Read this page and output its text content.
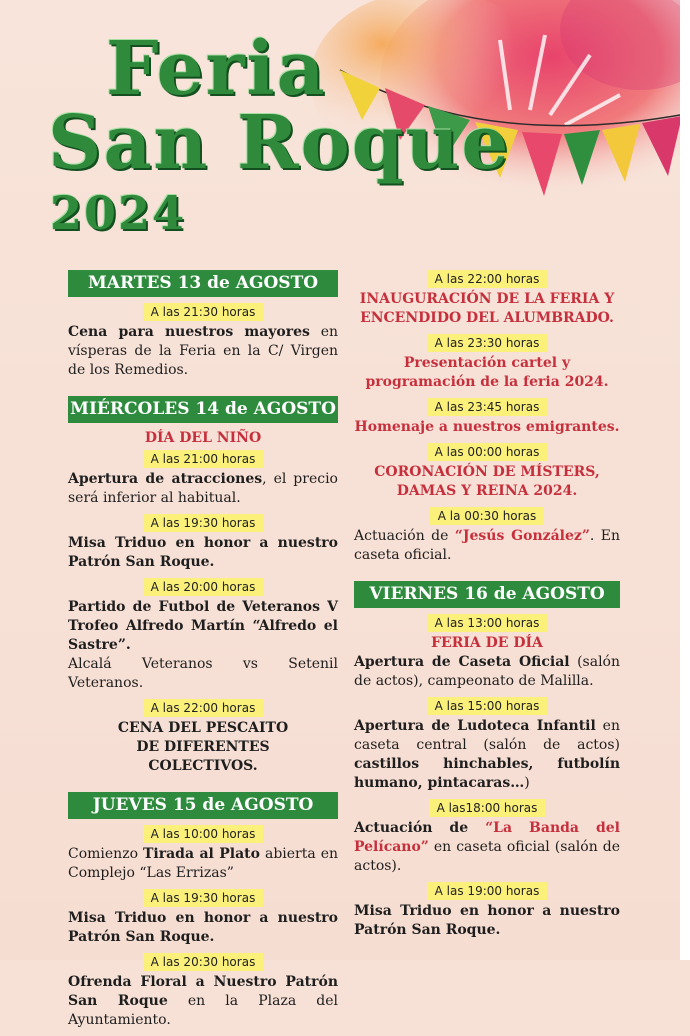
Feria
San Roque
2024
MARTES 13 de AGOSTO
A las 21:30 horas
Cena para nuestros mayores en vísperas de la Feria en la C/ Virgen de los Remedios.
MIÉRCOLES 14 de AGOSTO
DÍA DEL NIÑO
A las 21:00 horas
Apertura de atracciones, el precio será inferior al habitual.
A las 19:30 horas
Misa Triduo en honor a nuestro Patrón San Roque.
A las 20:00 horas
Partido de Futbol de Veteranos V Trofeo Alfredo Martín “Alfredo el Sastre”.
Alcalá Veteranos vs Setenil Veteranos.
A las 22:00 horas
CENA DEL PESCAITO DE DIFERENTES COLECTIVOS.
JUEVES 15 de AGOSTO
A las 10:00 horas
Comienzo Tirada al Plato abierta en Complejo “Las Errizas”
A las 19:30 horas
Misa Triduo en honor a nuestro Patrón San Roque.
A las 20:30 horas
Ofrenda Floral a Nuestro Patrón San Roque en la Plaza del Ayuntamiento.
A las 22:00 horas
INAUGURACIÓN DE LA FERIA Y ENCENDIDO DEL ALUMBRADO.
A las 23:30 horas
Presentación cartel y programación de la feria 2024.
A las 23:45 horas
Homenaje a nuestros emigrantes.
A las 00:00 horas
CORONACIÓN DE MÍSTERS, DAMAS Y REINA 2024.
A la 00:30 horas
Actuación de “Jesús González”. En caseta oficial.
VIERNES 16 de AGOSTO
A las 13:00 horas
FERIA DE DÍA
Apertura de Caseta Oficial (salón de actos), campeonato de Malilla.
A las 15:00 horas
Apertura de Ludoteca Infantil en caseta central (salón de actos) castillos hinchables, futbolín humano, pintacaras…)
A las18:00 horas
Actuación de “La Banda del Pelícano” en caseta oficial (salón de actos).
A las 19:00 horas
Misa Triduo en honor a nuestro Patrón San Roque.
